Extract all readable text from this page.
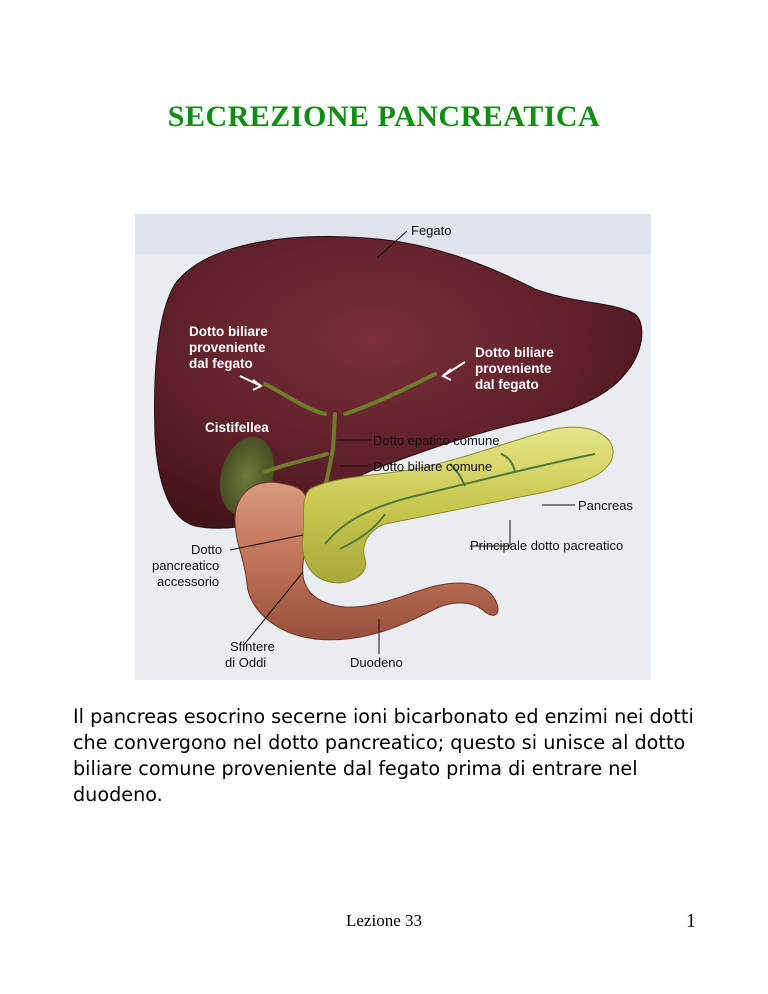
SECREZIONE PANCREATICA
Fegato
Dotto biliare
proveniente
dal fegato
Dotto biliare
proveniente
dal fegato
Cistifellea
Dotto epatico comune
Dotto biliare comune
Pancreas
Principale dotto pacreatico
Dotto
pancreatico
accessorio
Sfintere
di Oddi	Duodeno
Il pancreas esocrino secerne ioni bicarbonato ed enzimi nei dotti che convergono nel dotto pancreatico; questo si unisce al dotto biliare comune proveniente dal fegato prima di entrare nel duodeno.
Lezione 33	1
